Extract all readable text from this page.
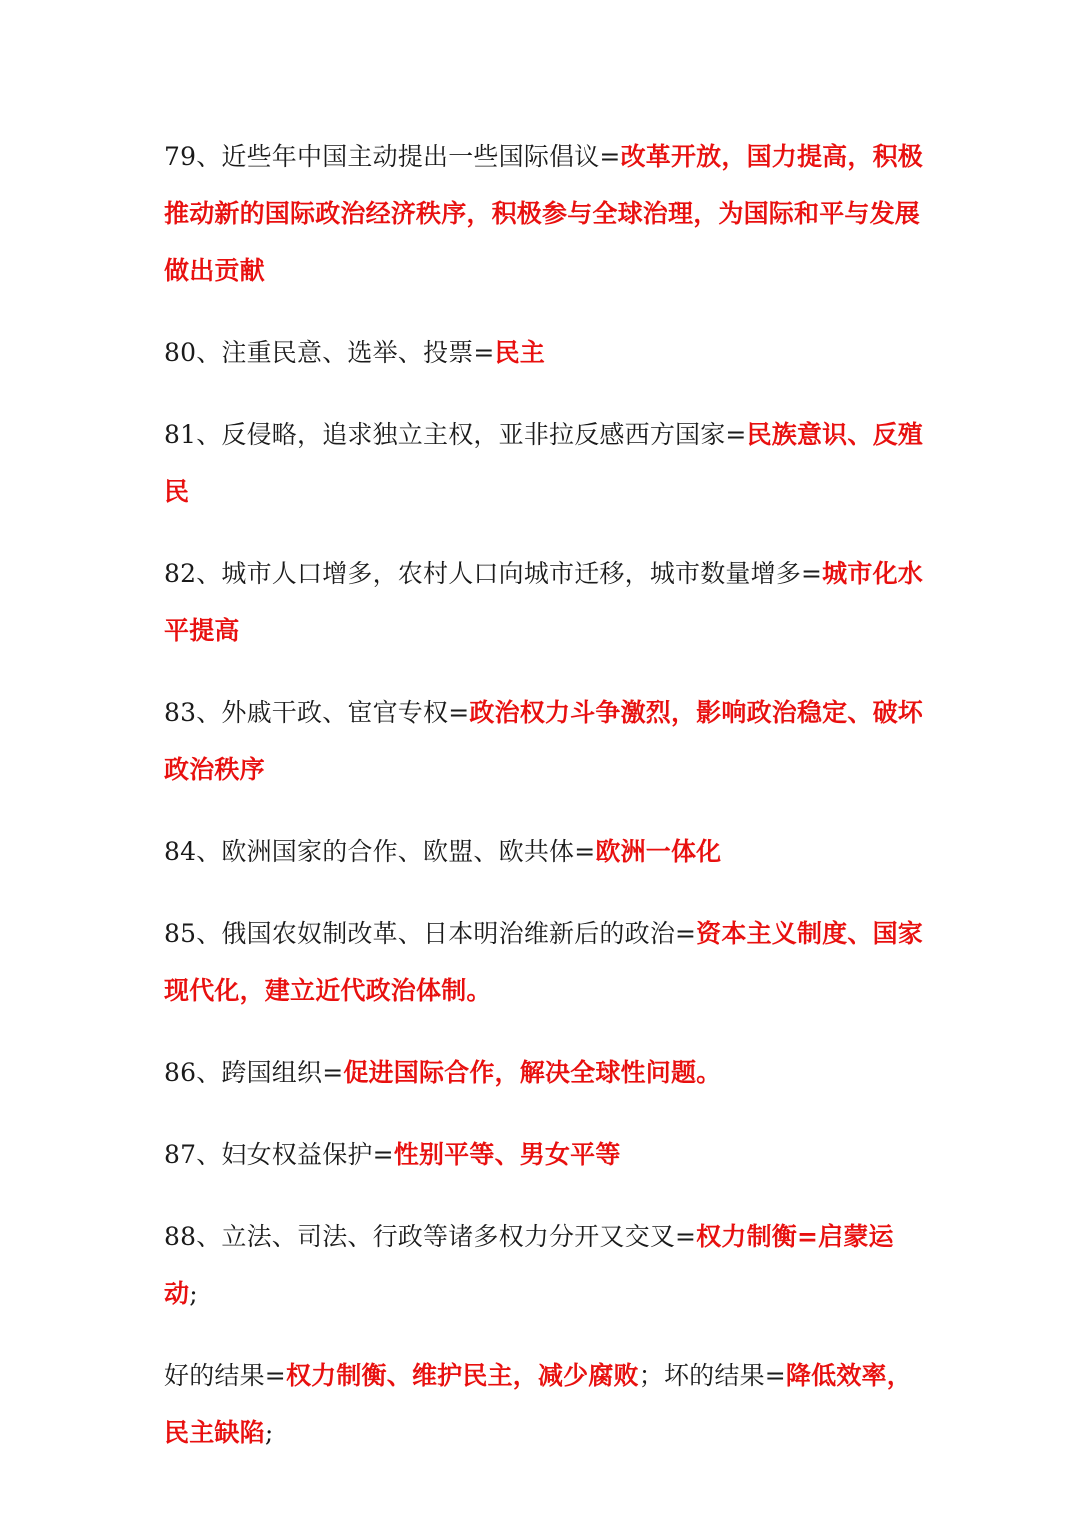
79、近些年中国主动提出一些国际倡议=改革开放，国力提高，积极推动新的国际政治经济秩序，积极参与全球治理，为国际和平与发展做出贡献

80、注重民意、选举、投票=民主

81、反侵略，追求独立主权，亚非拉反感西方国家=民族意识、反殖民

82、城市人口增多，农村人口向城市迁移，城市数量增多=城市化水平提高

83、外戚干政、宦官专权=政治权力斗争激烈，影响政治稳定、破坏政治秩序

84、欧洲国家的合作、欧盟、欧共体=欧洲一体化

85、俄国农奴制改革、日本明治维新后的政治=资本主义制度、国家现代化，建立近代政治体制。

86、跨国组织=促进国际合作，解决全球性问题。

87、妇女权益保护=性别平等、男女平等

88、立法、司法、行政等诸多权力分开又交叉=权力制衡=启蒙运动;

好的结果=权力制衡、维护民主，减少腐败；坏的结果=降低效率，民主缺陷;
